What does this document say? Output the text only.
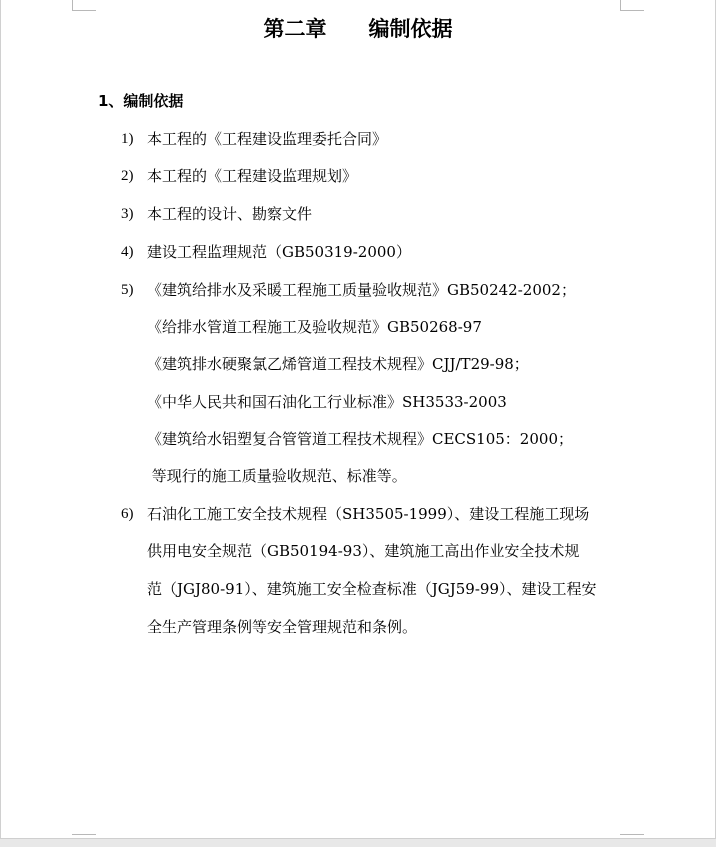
第二章　　编制依据
1、编制依据
1) 本工程的《工程建设监理委托合同》
2) 本工程的《工程建设监理规划》
3) 本工程的设计、勘察文件
4) 建设工程监理规范（GB50319-2000）
5) 《建筑给排水及采暖工程施工质量验收规范》GB50242-2002；
《给排水管道工程施工及验收规范》GB50268-97
《建筑排水硬聚氯乙烯管道工程技术规程》CJJ/T29-98；
《中华人民共和国石油化工行业标准》SH3533-2003
《建筑给水铝塑复合管管道工程技术规程》CECS105：2000；
等现行的施工质量验收规范、标准等。
6) 石油化工施工安全技术规程（SH3505-1999）、建设工程施工现场
供用电安全规范（GB50194-93）、建筑施工高出作业安全技术规
范（JGJ80-91）、建筑施工安全检查标准（JGJ59-99）、建设工程安
全生产管理条例等安全管理规范和条例。
